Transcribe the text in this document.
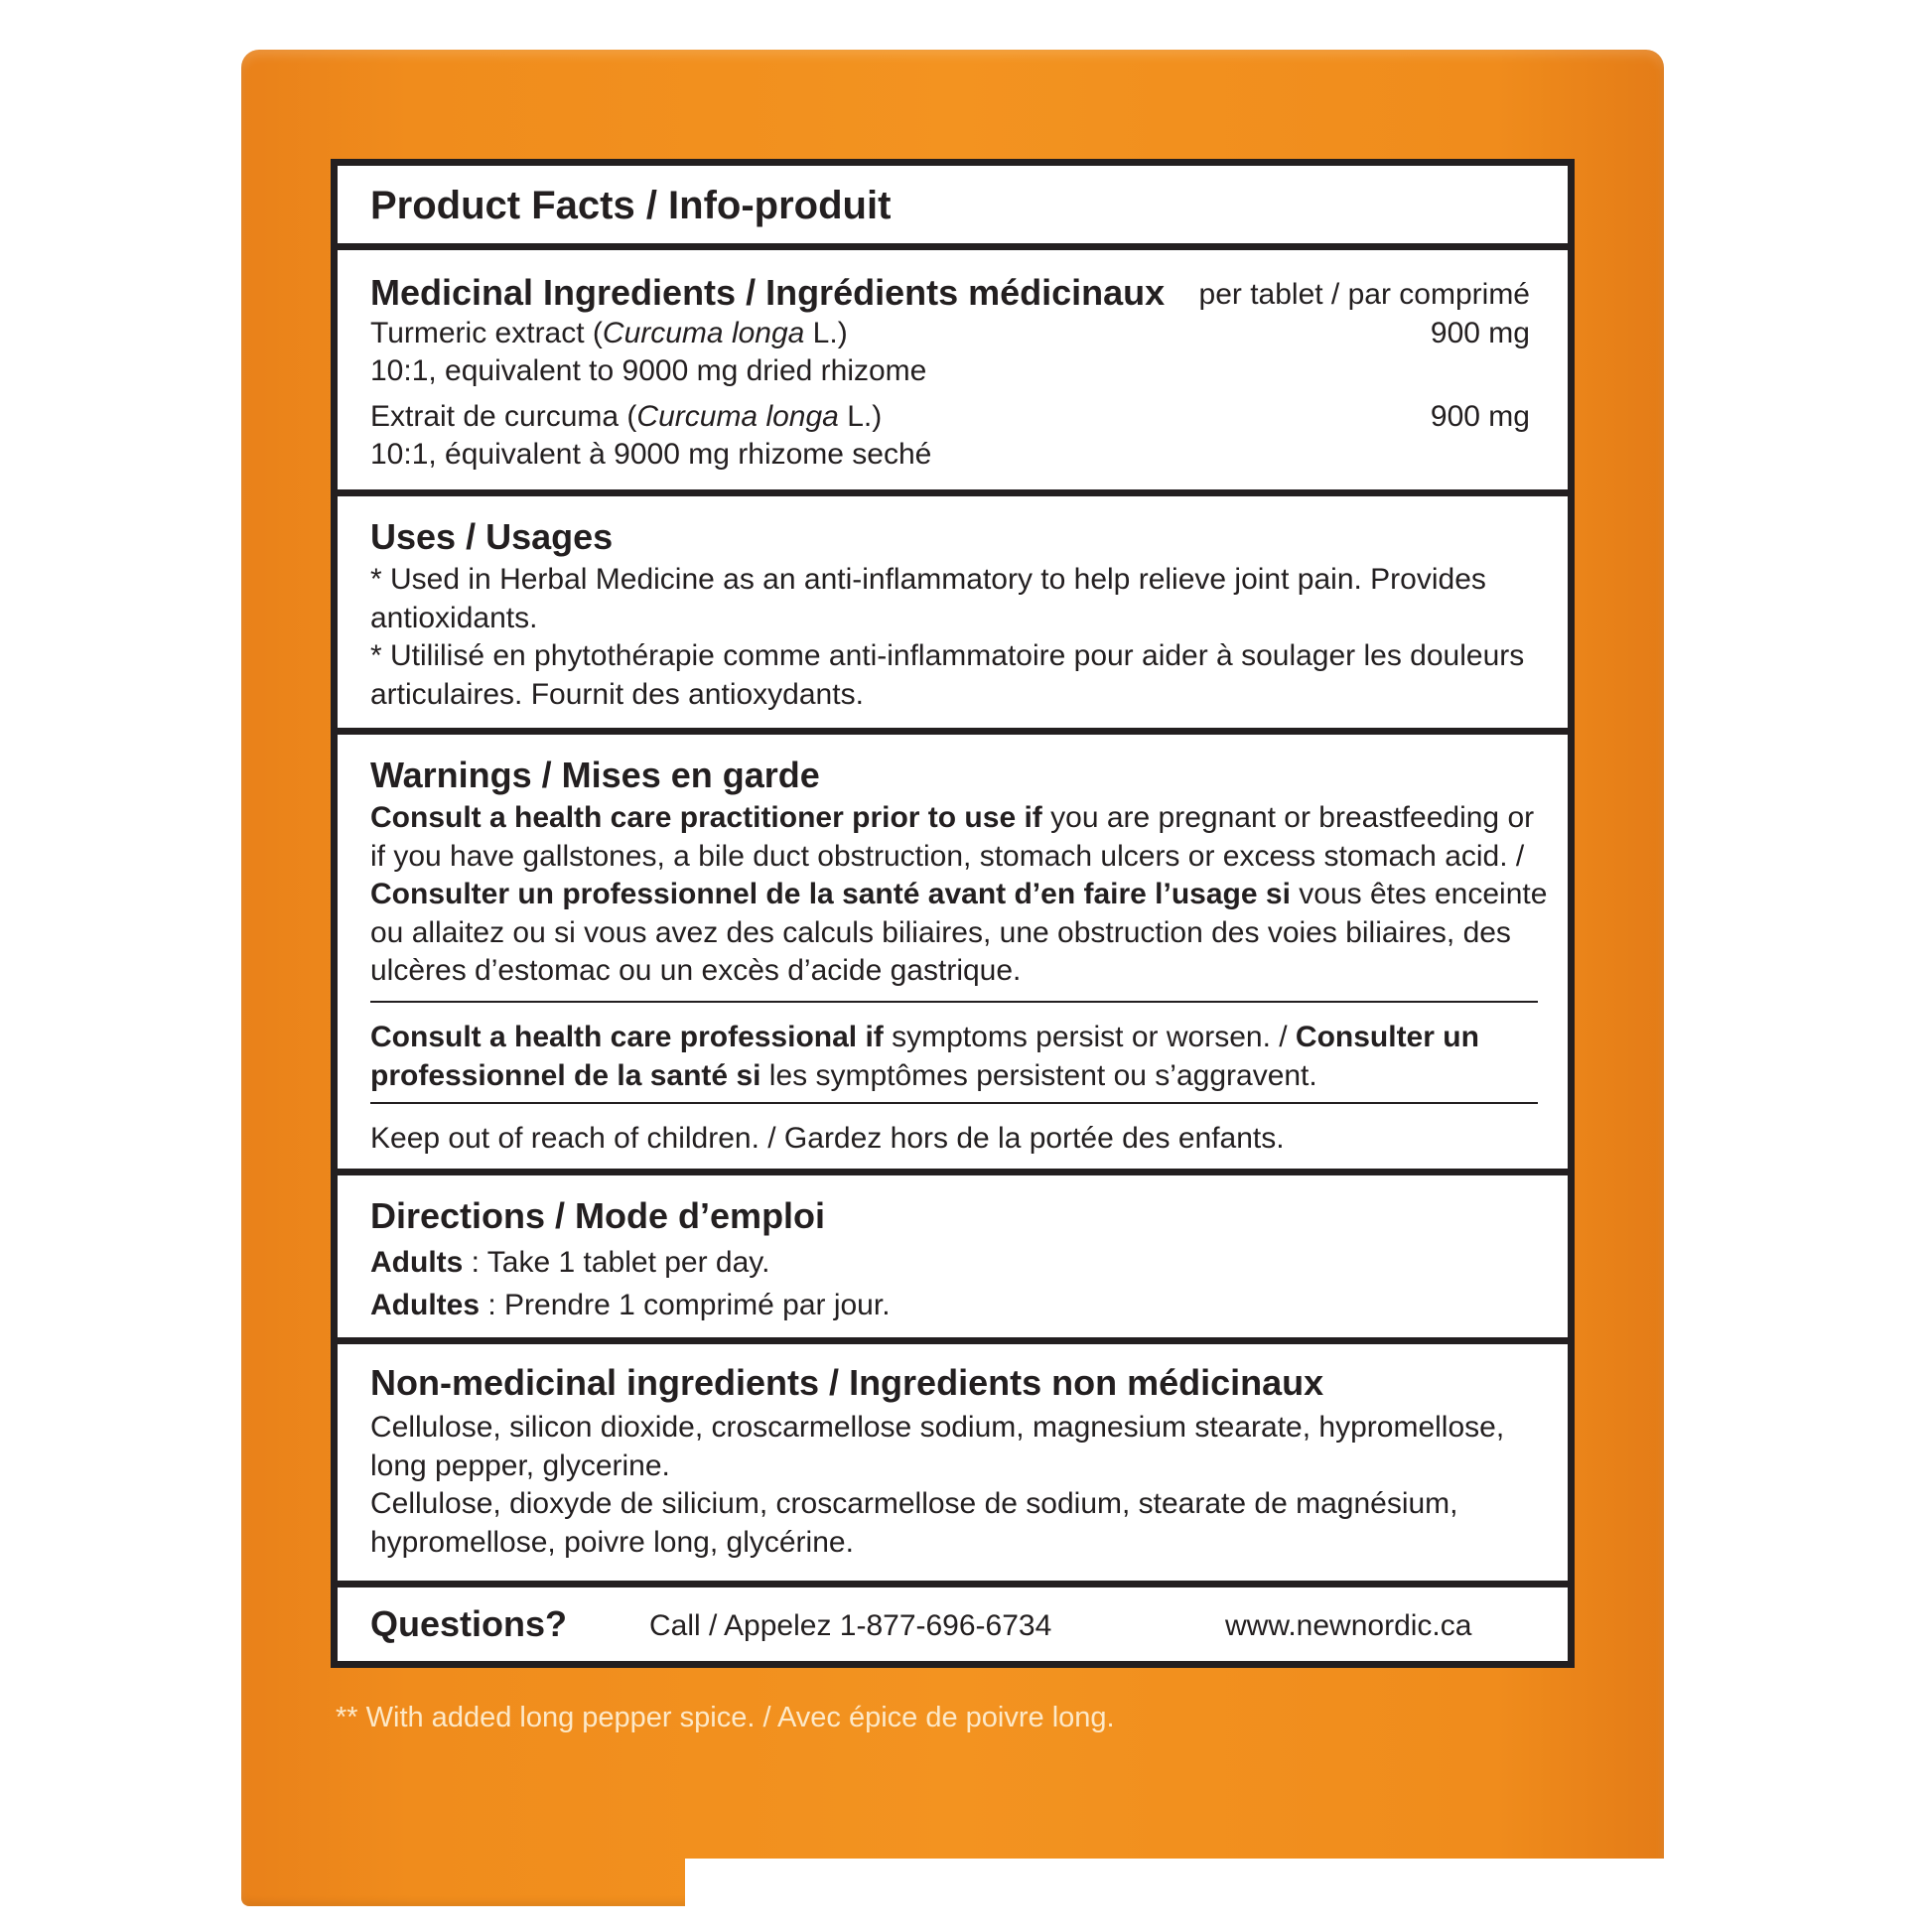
Product Facts / Info-produit
Medicinal Ingredients / Ingrédients médicinaux per tablet / par comprimé
Turmeric extract (Curcuma longa L.)	900 mg
10:1, equivalent to 9000 mg dried rhizome
Extrait de curcuma (Curcuma longa L.)	900 mg
10:1, équivalent à 9000 mg rhizome seché
Uses / Usages
* Used in Herbal Medicine as an anti-inflammatory to help relieve joint pain. Provides
antioxidants.
* Utililisé en phytothérapie comme anti-inflammatoire pour aider à soulager les douleurs
articulaires. Fournit des antioxydants.
Warnings / Mises en garde
Consult a health care practitioner prior to use if you are pregnant or breastfeeding or
if you have gallstones, a bile duct obstruction, stomach ulcers or excess stomach acid. /
Consulter un professionnel de la santé avant d’en faire l’usage si vous êtes enceinte
ou allaitez ou si vous avez des calculs biliaires, une obstruction des voies biliaires, des
ulcères d’estomac ou un excès d’acide gastrique.
Consult a health care professional if symptoms persist or worsen. / Consulter un
professionnel de la santé si les symptômes persistent ou s’aggravent.
Keep out of reach of children. / Gardez hors de la portée des enfants.
Directions / Mode d’emploi
Adults : Take 1 tablet per day.
Adultes : Prendre 1 comprimé par jour.
Non-medicinal ingredients / Ingredients non médicinaux
Cellulose, silicon dioxide, croscarmellose sodium, magnesium stearate, hypromellose,
long pepper, glycerine.
Cellulose, dioxyde de silicium, croscarmellose de sodium, stearate de magnésium,
hypromellose, poivre long, glycérine.
Questions?	Call / Appelez 1-877-696-6734	www.newnordic.ca
** With added long pepper spice. / Avec épice de poivre long.
